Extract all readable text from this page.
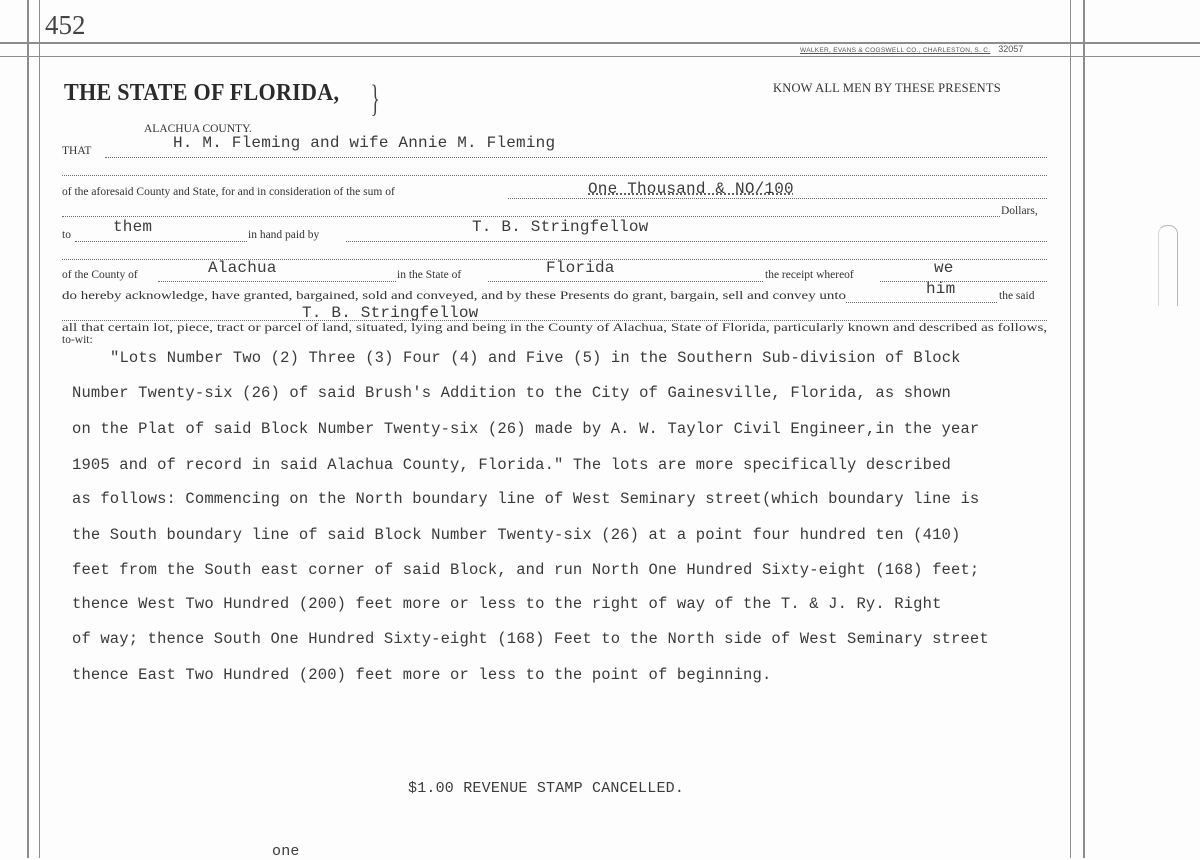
452
WALKER, EVANS & COGSWELL CO., CHARLESTON, S. C. 32057
THE STATE OF FLORIDA, }
ALACHUA COUNTY.
KNOW ALL MEN BY THESE PRESENTS
THAT	H. M. Fleming and wife Annie M. Fleming
of the aforesaid County and State, for and in consideration of the sum of	One Thousand & NO/100
Dollars,
to	them	in hand paid by	T. B. Stringfellow
of the County of	Alachua	in the State of	Florida	the receipt whereof	we
do hereby acknowledge, have granted, bargained, sold and conveyed, and by these Presents do grant, bargain, sell and convey unto	him	the said
T. B. Stringfellow
all that certain lot, piece, tract or parcel of land, situated, lying and being in the County of Alachua, State of Florida, particularly known and described as follows,
to-wit:
"Lots Number Two (2) Three (3) Four (4) and Five (5) in the Southern Sub-division of Block
Number Twenty-six (26) of said Brush's Addition to the City of Gainesville, Florida, as shown
on the Plat of said Block Number Twenty-six (26) made by A. W. Taylor Civil Engineer,in the year
1905 and of record in said Alachua County, Florida." The lots are more specifically described
as follows: Commencing on the North boundary line of West Seminary street(which boundary line is
the South boundary line of said Block Number Twenty-six (26) at a point four hundred ten (410)
feet from the South east corner of said Block, and run North One Hundred Sixty-eight (168) feet;
thence West Two Hundred (200) feet more or less to the right of way of the T. & J. Ry. Right
of way; thence South One Hundred Sixty-eight (168) Feet to the North side of West Seminary street
thence East Two Hundred (200) feet more or less to the point of beginning.
$1.00 REVENUE STAMP CANCELLED.
one
